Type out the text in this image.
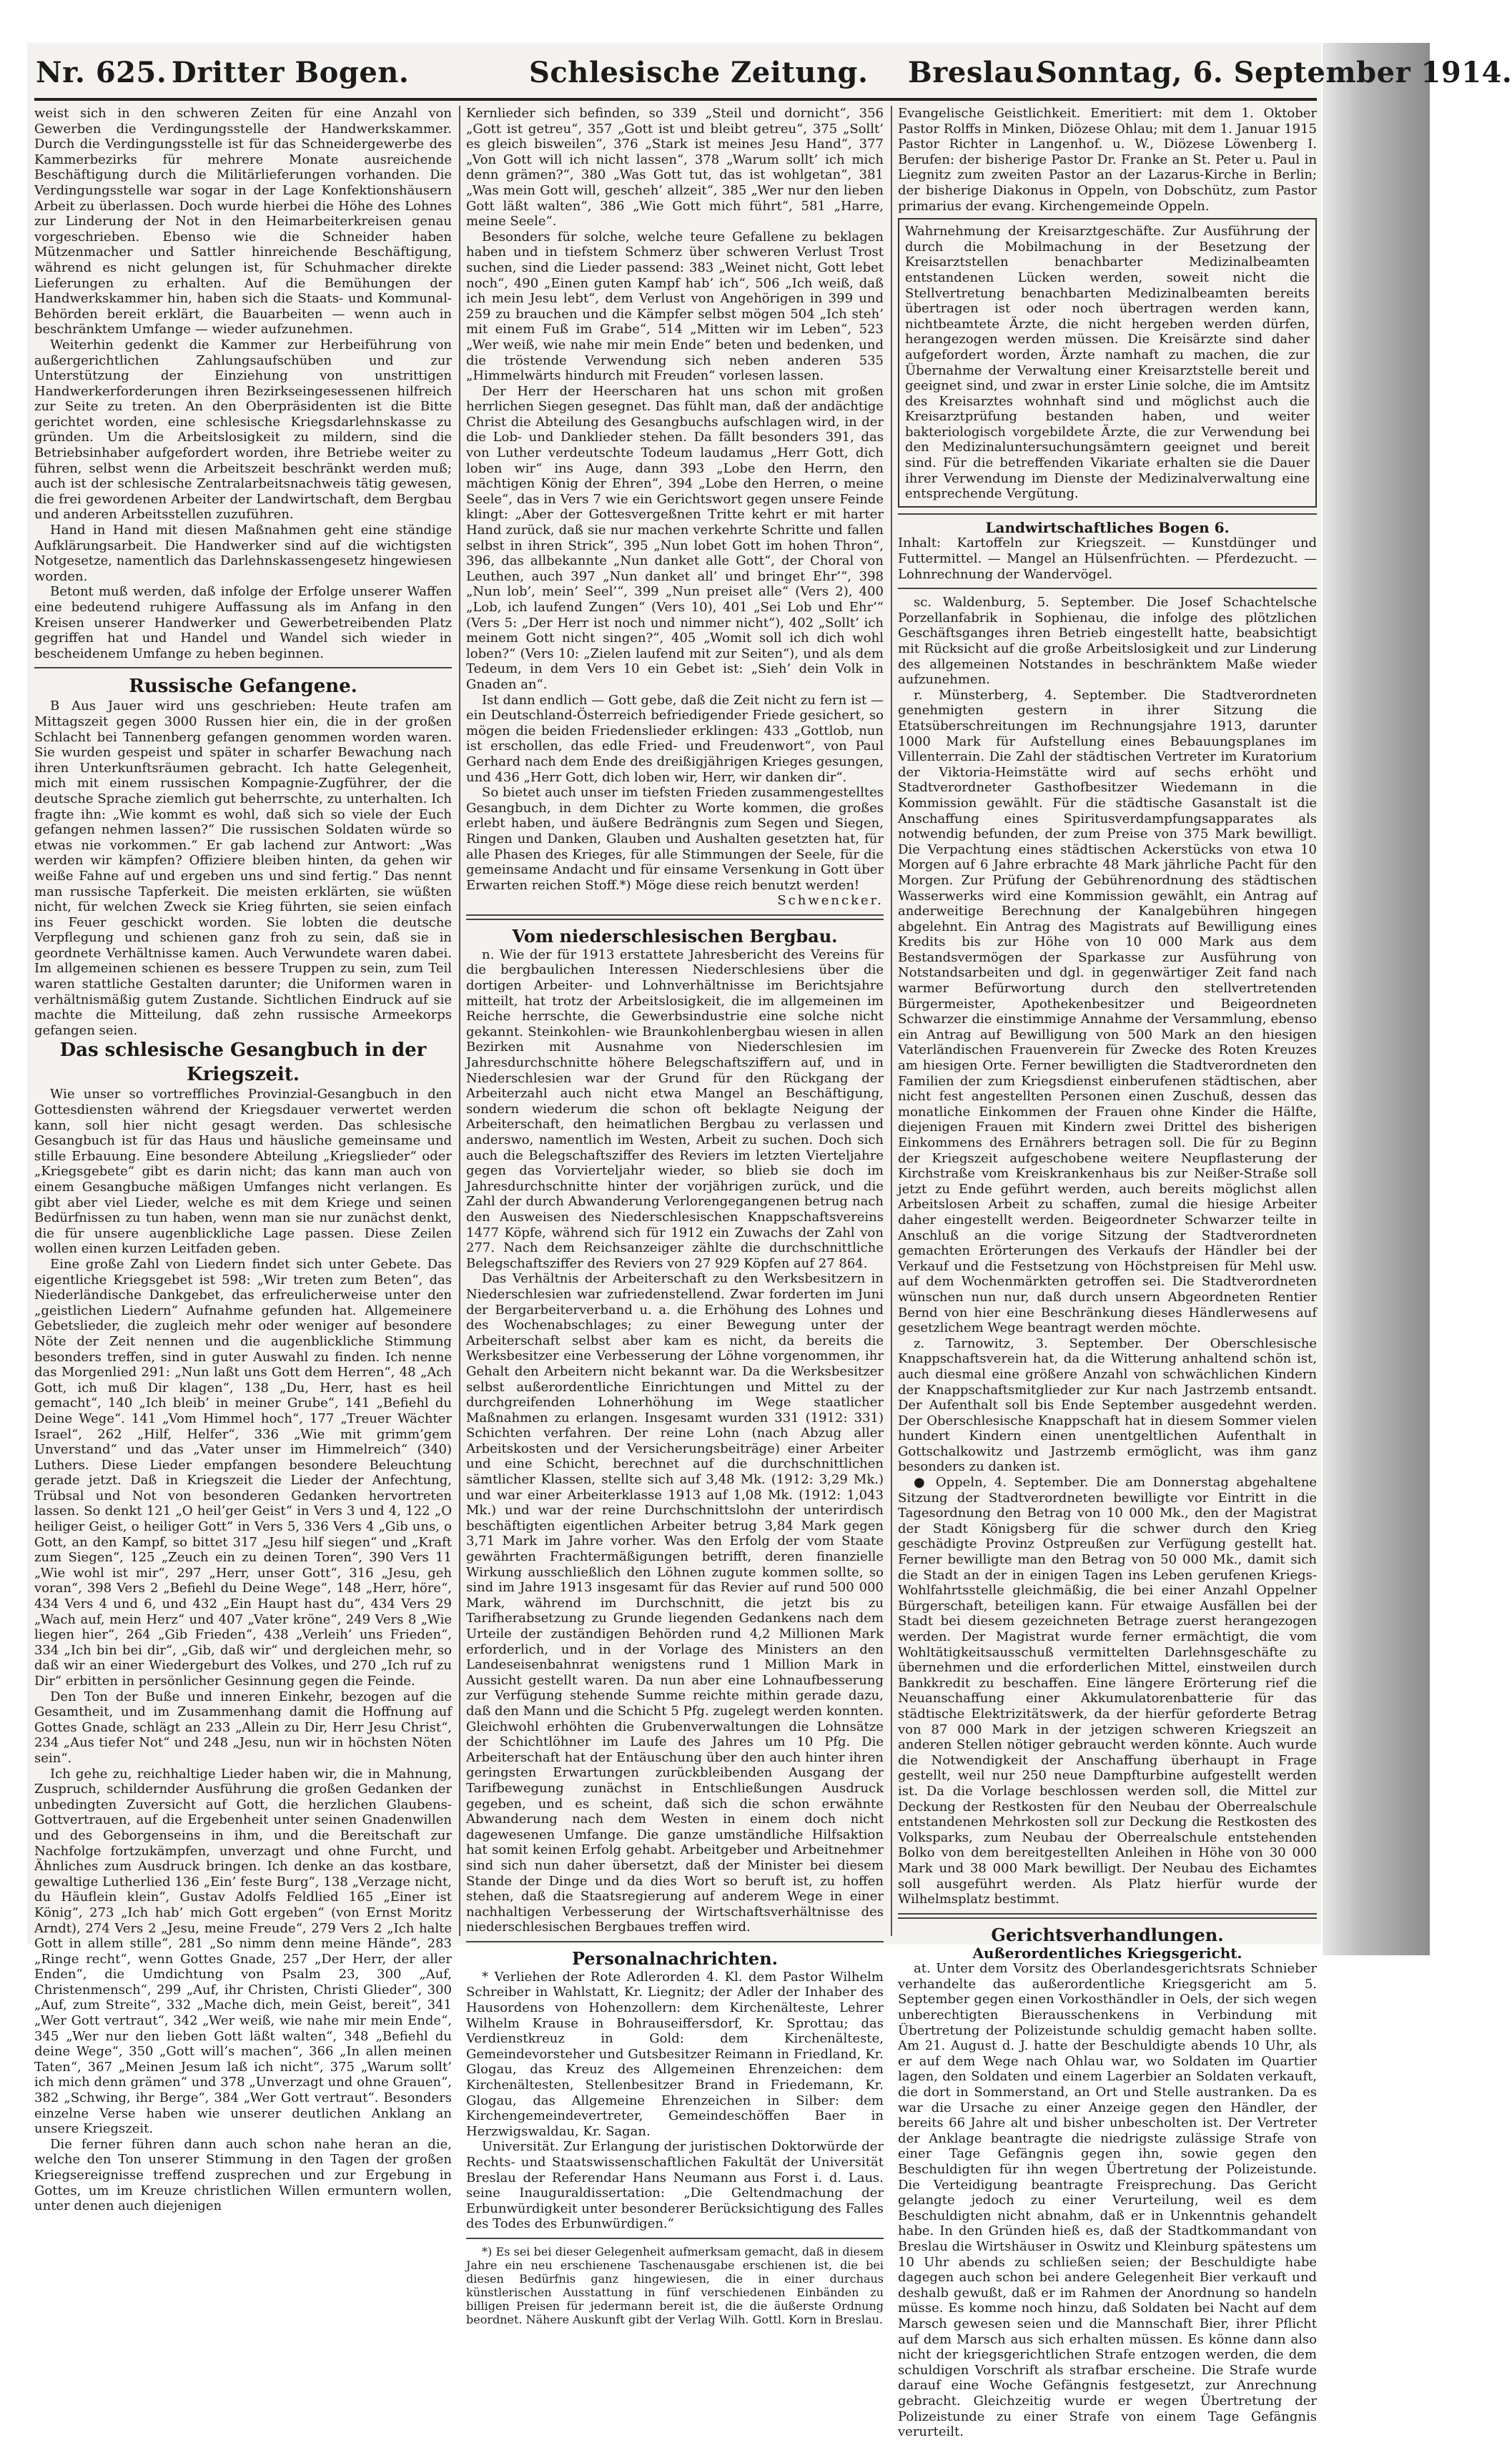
Nr. 625. Dritter Bogen.	Schlesische Zeitung. Breslau.
Sonntag, 6. September 1914.

weist sich in den schweren Zeiten für eine Anzahl von Gewerben die Verdingungsstelle der Handwerkskammer. Durch die Verdingungsstelle ist für das Schneidergewerbe des Kammerbezirks für mehrere Monate ausreichende Beschäftigung durch die Militärlieferungen vorhanden. Die Verdingungsstelle war sogar in der Lage Konfektionshäusern Arbeit zu überlassen. Doch wurde hierbei die Höhe des Lohnes zur Linderung der Not in den Heimarbeiterkreisen genau vorgeschrieben. Ebenso wie die Schneider haben Mützenmacher und Sattler hinreichende Beschäftigung, während es nicht gelungen ist, für Schuhmacher direkte Lieferungen zu erhalten. Auf die Bemühungen der Handwerkskammer hin, haben sich die Staats- und Kommunal-Behörden bereit erklärt, die Bauarbeiten — wenn auch in beschränktem Umfange — wieder aufzunehmen.

Weiterhin gedenkt die Kammer zur Herbeiführung von außergerichtlichen Zahlungsaufschüben und zur Unterstützung der Einziehung von unstrittigen Handwerkerforderungen ihren Bezirkseingesessenen hilfreich zur Seite zu treten. An den Oberpräsidenten ist die Bitte gerichtet worden, eine schlesische Kriegsdarlehnskasse zu gründen. Um die Arbeitslosigkeit zu mildern, sind die Betriebsinhaber aufgefordert worden, ihre Betriebe weiter zu führen, selbst wenn die Arbeitszeit beschränkt werden muß; auch ist der schlesische Zentralarbeitsnachweis tätig gewesen, die frei gewordenen Arbeiter der Landwirtschaft, dem Bergbau und anderen Arbeitsstellen zuzuführen.

Hand in Hand mit diesen Maßnahmen geht eine ständige Aufklärungsarbeit. Die Handwerker sind auf die wichtigsten Notgesetze, namentlich das Darlehnskassengesetz hingewiesen worden.

Betont muß werden, daß infolge der Erfolge unserer Waffen eine bedeutend ruhigere Auffassung als im Anfang in den Kreisen unserer Handwerker und Gewerbetreibenden Platz gegriffen hat und Handel und Wandel sich wieder in bescheidenem Umfange zu heben beginnen.

Russische Gefangene.

B Aus Jauer wird uns geschrieben: Heute trafen am Mittagszeit gegen 3000 Russen hier ein, die in der großen Schlacht bei Tannenberg gefangen genommen worden waren. Sie wurden gespeist und später in scharfer Bewachung nach ihren Unterkunftsräumen gebracht. Ich hatte Gelegenheit, mich mit einem russischen Kompagnie-Zugführer, der die deutsche Sprache ziemlich gut beherrschte, zu unterhalten. Ich fragte ihn: „Wie kommt es wohl, daß sich so viele der Euch gefangen nehmen lassen?“ Die russischen Soldaten würde so etwas nie vorkommen.“ Er gab lachend zur Antwort: „Was werden wir kämpfen? Offiziere bleiben hinten, da gehen wir weiße Fahne auf und ergeben uns und sind fertig.“ Das nennt man russische Tapferkeit. Die meisten erklärten, sie wüßten nicht, für welchen Zweck sie Krieg führten, sie seien einfach ins Feuer geschickt worden. Sie lobten die deutsche Verpflegung und schienen ganz froh zu sein, daß sie in geordnete Verhältnisse kamen. Auch Verwundete waren dabei. Im allgemeinen schienen es bessere Truppen zu sein, zum Teil waren stattliche Gestalten darunter; die Uniformen waren in verhältnismäßig gutem Zustande. Sichtlichen Eindruck auf sie machte die Mitteilung, daß zehn russische Armeekorps gefangen seien.

Das schlesische Gesangbuch in der Kriegszeit.

Wie unser so vortreffliches Provinzial-Gesangbuch in den Gottesdiensten während der Kriegsdauer verwertet werden kann, soll hier nicht gesagt werden. Das schlesische Gesangbuch ist für das Haus und häusliche gemeinsame und stille Erbauung. Eine besondere Abteilung „Kriegslieder“ oder „Kriegsgebete“ gibt es darin nicht; das kann man auch von einem Gesangbuche mäßigen Umfanges nicht verlangen. Es gibt aber viel Lieder, welche es mit dem Kriege und seinen Bedürfnissen zu tun haben, wenn man sie nur zunächst denkt, die für unsere augenblickliche Lage passen. Diese Zeilen wollen einen kurzen Leitfaden geben.

Eine große Zahl von Liedern findet sich unter Gebete. Das eigentliche Kriegsgebet ist 598: „Wir treten zum Beten“, das Niederländische Dankgebet, das erfreulicherweise unter den „geistlichen Liedern“ Aufnahme gefunden hat. Allgemeinere Gebetslieder, die zugleich mehr oder weniger auf besondere Nöte der Zeit nennen und die augenblickliche Stimmung besonders treffen, sind in guter Auswahl zu finden. Ich nenne das Morgenlied 291: „Nun laßt uns Gott dem Herren“, 48 „Ach Gott, ich muß Dir klagen“, 138 „Du, Herr, hast es heil gemacht“, 140 „Ich bleib’ in meiner Grube“, 141 „Befiehl du Deine Wege“. 141 „Vom Himmel hoch“, 177 „Treuer Wächter Israel“, 262 „Hilf, Helfer“, 336 „Wie mit grimm’gem Unverstand“ und das „Vater unser im Himmelreich“ (340) Luthers. Diese Lieder empfangen besondere Beleuchtung gerade jetzt. Daß in Kriegszeit die Lieder der Anfechtung, Trübsal und Not von besonderen Gedanken hervortreten lassen. So denkt 121 „O heil’ger Geist“ in Vers 3 und 4, 122 „O heiliger Geist, o heiliger Gott“ in Vers 5, 336 Vers 4 „Gib uns, o Gott, an den Kampf, so bittet 317 „Jesu hilf siegen“ und „Kraft zum Siegen“, 125 „Zeuch ein zu deinen Toren“, 390 Vers 11 „Wie wohl ist mir“, 297 „Herr, unser Gott“, 316 „Jesu, geh voran“, 398 Vers 2 „Befiehl du Deine Wege“, 148 „Herr, höre“, 434 Vers 4 und 6, und 432 „Ein Haupt hast du“, 434 Vers 29 „Wach auf, mein Herz“ und 407 „Vater kröne“, 249 Vers 8 „Wie liegen hier“, 264 „Gib Frieden“, 438 „Verleih’ uns Frieden“, 334 „Ich bin bei dir“, „Gib, daß wir“ und dergleichen mehr, so daß wir an einer Wiedergeburt des Volkes, und 270 „Ich ruf zu Dir“ erbitten in persönlicher Gesinnung gegen die Feinde.

Den Ton der Buße und inneren Einkehr, bezogen auf die Gesamtheit, und im Zusammenhang damit die Hoffnung auf Gottes Gnade, schlägt an 233 „Allein zu Dir, Herr Jesu Christ“, 234 „Aus tiefer Not“ und 248 „Jesu, nun wir in höchsten Nöten sein“.

Ich gehe zu, reichhaltige Lieder haben wir, die in Mahnung, Zuspruch, schildernder Ausführung die großen Gedanken der unbedingten Zuversicht auf Gott, die herzlichen Glaubens-Gottvertrauen, auf die Ergebenheit unter seinen Gnadenwillen und des Geborgenseins in ihm, und die Bereitschaft zur Nachfolge fortzukämpfen, unverzagt und ohne Furcht, und Ähnliches zum Ausdruck bringen. Ich denke an das kostbare, gewaltige Lutherlied 136 „Ein’ feste Burg“, 138 „Verzage nicht, du Häuflein klein“, Gustav Adolfs Feldlied 165 „Einer ist König“, 273 „Ich hab’ mich Gott ergeben“ (von Ernst Moritz Arndt), 274 Vers 2 „Jesu, meine Freude“, 279 Vers 2 „Ich halte Gott in allem stille“, 281 „So nimm denn meine Hände“, 283 „Ringe recht“, wenn Gottes Gnade, 257 „Der Herr, der aller Enden“, die Umdichtung von Psalm 23, 300 „Auf, Christenmensch“, 299 „Auf, ihr Christen, Christi Glieder“, 300 „Auf, zum Streite“, 332 „Mache dich, mein Geist, bereit“, 341 „Wer Gott vertraut“, 342 „Wer weiß, wie nahe mir mein Ende“, 345 „Wer nur den lieben Gott läßt walten“, 348 „Befiehl du deine Wege“, 350 „Gott will’s machen“, 366 „In allen meinen Taten“, 367 „Meinen Jesum laß ich nicht“, 375 „Warum sollt’ ich mich denn grämen“ und 378 „Unverzagt und ohne Grauen“, 382 „Schwing, ihr Berge“, 384 „Wer Gott vertraut“. Besonders einzelne Verse haben wie unserer deutlichen Anklang an unsere Kriegszeit.

Die ferner führen dann auch schon nahe heran an die, welche den Ton unserer Stimmung in den Tagen der großen Kriegsereignisse treffend zusprechen und zur Ergebung in Gottes, um im Kreuze christlichen Willen ermuntern wollen, unter denen auch diejenigen

Kernlieder sich befinden, so 339 „Steil und dornicht“, 356 „Gott ist getreu“, 357 „Gott ist und bleibt getreu“, 375 „Sollt’ es gleich bisweilen“, 376 „Stark ist meines Jesu Hand“, 377 „Von Gott will ich nicht lassen“, 378 „Warum sollt’ ich mich denn grämen?“, 380 „Was Gott tut, das ist wohlgetan“, 381 „Was mein Gott will, gescheh’ allzeit“, 385 „Wer nur den lieben Gott läßt walten“, 386 „Wie Gott mich führt“, 581 „Harre, meine Seele“.

Besonders für solche, welche teure Gefallene zu beklagen haben und in tiefstem Schmerz über schweren Verlust Trost suchen, sind die Lieder passend: 383 „Weinet nicht, Gott lebet noch“, 490 „Einen guten Kampf hab’ ich“, 506 „Ich weiß, daß ich mein Jesu lebt“, dem Verlust von Angehörigen in 399 und 259 zu brauchen und die Kämpfer selbst mögen 504 „Ich steh’ mit einem Fuß im Grabe“, 514 „Mitten wir im Leben“, 523 „Wer weiß, wie nahe mir mein Ende“ beten und bedenken, und die tröstende Verwendung sich neben anderen 535 „Himmelwärts hindurch mit Freuden“ vorlesen lassen.

Der Herr der Heerscharen hat uns schon mit großen herrlichen Siegen gesegnet. Das fühlt man, daß der andächtige Christ die Abteilung des Gesangbuchs aufschlagen wird, in der die Lob- und Danklieder stehen. Da fällt besonders 391, das von Luther verdeutschte Todeum laudamus „Herr Gott, dich loben wir“ ins Auge, dann 393 „Lobe den Herrn, den mächtigen König der Ehren“, 394 „Lobe den Herren, o meine Seele“, das in Vers 7 wie ein Gerichtswort gegen unsere Feinde klingt: „Aber der Gottesvergeßnen Tritte kehrt er mit harter Hand zurück, daß sie nur machen verkehrte Schritte und fallen selbst in ihren Strick“, 395 „Nun lobet Gott im hohen Thron“, 396, das allbekannte „Nun danket alle Gott“, der Choral von Leuthen, auch 397 „Nun danket all’ und bringet Ehr’“, 398 „Nun lob’, mein’ Seel’“, 399 „Nun preiset alle“ (Vers 2), 400 „Lob, ich laufend Zungen“ (Vers 10), 401 „Sei Lob und Ehr’“ (Vers 5: „Der Herr ist noch und nimmer nicht“), 402 „Sollt’ ich meinem Gott nicht singen?“, 405 „Womit soll ich dich wohl loben?“ (Vers 10: „Zielen laufend mit zur Seiten“), und als dem Tedeum, in dem Vers 10 ein Gebet ist: „Sieh’ dein Volk in Gnaden an“.

Ist dann endlich — Gott gebe, daß die Zeit nicht zu fern ist — ein Deutschland-Österreich befriedigender Friede gesichert, so mögen die beiden Friedenslieder erklingen: 433 „Gottlob, nun ist erschollen, das edle Fried- und Freudenwort“, von Paul Gerhard nach dem Ende des dreißigjährigen Krieges gesungen, und 436 „Herr Gott, dich loben wir, Herr, wir danken dir“.

So bietet auch unser im tiefsten Frieden zusammengestelltes Gesangbuch, in dem Dichter zu Worte kommen, die großes erlebt haben, und äußere Bedrängnis zum Segen und Siegen, Ringen und Danken, Glauben und Aushalten gesetzten hat, für alle Phasen des Krieges, für alle Stimmungen der Seele, für die gemeinsame Andacht und für einsame Versenkung in Gott über Erwarten reichen Stoff.*) Möge diese reich benutzt werden!

Schwencker.

Vom niederschlesischen Bergbau.

n. Wie der für 1913 erstattete Jahresbericht des Vereins für die bergbaulichen Interessen Niederschlesiens über die dortigen Arbeiter- und Lohnverhältnisse im Berichtsjahre mitteilt, hat trotz der Arbeitslosigkeit, die im allgemeinen im Reiche herrschte, die Gewerbsindustrie eine solche nicht gekannt. Steinkohlen- wie Braunkohlenbergbau wiesen in allen Bezirken mit Ausnahme von Niederschlesien im Jahresdurchschnitte höhere Belegschaftsziffern auf, und in Niederschlesien war der Grund für den Rückgang der Arbeiterzahl auch nicht etwa Mangel an Beschäftigung, sondern wiederum die schon oft beklagte Neigung der Arbeiterschaft, den heimatlichen Bergbau zu verlassen und anderswo, namentlich im Westen, Arbeit zu suchen. Doch sich auch die Belegschaftsziffer des Reviers im letzten Vierteljahre gegen das Vorvierteljahr wieder, so blieb sie doch im Jahresdurchschnitte hinter der vorjährigen zurück, und die Zahl der durch Abwanderung Verlorengegangenen betrug nach den Ausweisen des Niederschlesischen Knappschaftsvereins 1477 Köpfe, während sich für 1912 ein Zuwachs der Zahl von 277. Nach dem Reichsanzeiger zählte die durchschnittliche Belegschaftsziffer des Reviers von 27 929 Köpfen auf 27 864.

Das Verhältnis der Arbeiterschaft zu den Werksbesitzern in Niederschlesien war zufriedenstellend. Zwar forderten im Juni der Bergarbeiterverband u. a. die Erhöhung des Lohnes und des Wochenabschlages; zu einer Bewegung unter der Arbeiterschaft selbst aber kam es nicht, da bereits die Werksbesitzer eine Verbesserung der Löhne vorgenommen, ihr Gehalt den Arbeitern nicht bekannt war. Da die Werksbesitzer selbst außerordentliche Einrichtungen und Mittel zu der durchgreifenden Lohnerhöhung im Wege staatlicher Maßnahmen zu erlangen. Insgesamt wurden 331 (1912: 331) Schichten verfahren. Der reine Lohn (nach Abzug aller Arbeitskosten und der Versicherungsbeiträge) einer Arbeiter und eine Schicht, berechnet auf die durchschnittlichen sämtlicher Klassen, stellte sich auf 3,48 Mk. (1912: 3,29 Mk.) und war einer Arbeiterklasse 1913 auf 1,08 Mk. (1912: 1,043 Mk.) und war der reine Durchschnittslohn der unterirdisch beschäftigten eigentlichen Arbeiter betrug 3,84 Mark gegen 3,71 Mark im Jahre vorher. Was den Erfolg der vom Staate gewährten Frachtermäßigungen betrifft, deren finanzielle Wirkung ausschließlich den Löhnen zugute kommen sollte, so sind im Jahre 1913 insgesamt für das Revier auf rund 500 000 Mark, während im Durchschnitt, die jetzt bis zu Tarifherabsetzung zu Grunde liegenden Gedankens nach dem Urteile der zuständigen Behörden rund 4,2 Millionen Mark erforderlich, und in der Vorlage des Ministers an den Landeseisenbahnrat wenigstens rund 1 Million Mark in Aussicht gestellt waren. Da nun aber eine Lohnaufbesserung zur Verfügung stehende Summe reichte mithin gerade dazu, daß den Mann und die Schicht 5 Pfg. zugelegt werden konnten. Gleichwohl erhöhten die Grubenverwaltungen die Lohnsätze der Schichtlöhner im Laufe des Jahres um 10 Pfg. Die Arbeiterschaft hat der Entäuschung über den auch hinter ihren geringsten Erwartungen zurückbleibenden Ausgang der Tarifbewegung zunächst in Entschließungen Ausdruck gegeben, und es scheint, daß sich die schon erwähnte Abwanderung nach dem Westen in einem doch nicht dagewesenen Umfange. Die ganze umständliche Hilfsaktion hat somit keinen Erfolg gehabt. Arbeitgeber und Arbeitnehmer sind sich nun daher übersetzt, daß der Minister bei diesem Stande der Dinge und da dies Wort so beruft ist, zu hoffen stehen, daß die Staatsregierung auf anderem Wege in einer nachhaltigen Verbesserung der Wirtschaftsverhältnisse des niederschlesischen Bergbaues treffen wird.

Personalnachrichten.

* Verliehen der Rote Adlerorden 4. Kl. dem Pastor Wilhelm Schreiber in Wahlstatt, Kr. Liegnitz; der Adler der Inhaber des Hausordens von Hohenzollern: dem Kirchenälteste, Lehrer Wilhelm Krause in Bohrauseiffersdorf, Kr. Sprottau; das Verdienstkreuz in Gold: dem Kirchenälteste, Gemeindevorsteher und Gutsbesitzer Reimann in Friedland, Kr. Glogau, das Kreuz des Allgemeinen Ehrenzeichen: dem Kirchenältesten, Stellenbesitzer Brand in Friedemann, Kr. Glogau, das Allgemeine Ehrenzeichen in Silber: dem Kirchengemeindevertreter, Gemeindeschöffen Baer in Herzwigswaldau, Kr. Sagan.

Universität. Zur Erlangung der juristischen Doktorwürde der Rechts- und Staatswissenschaftlichen Fakultät der Universität Breslau der Referendar Hans Neumann aus Forst i. d. Laus. seine Inauguraldissertation: „Die Geltendmachung der Erbunwürdigkeit unter besonderer Berücksichtigung des Falles des Todes des Erbunwürdigen.“

*) Es sei bei dieser Gelegenheit aufmerksam gemacht, daß in diesem Jahre ein neu erschienene Taschenausgabe erschienen ist, die bei diesen Bedürfnis ganz hingewiesen, die in einer durchaus künstlerischen Ausstattung in fünf verschiedenen Einbänden zu billigen Preisen für jedermann bereit ist, die die äußerste Ordnung beordnet. Nähere Auskunft gibt der Verlag Wilh. Gottl. Korn in Breslau.

Evangelische Geistlichkeit. Emeritiert: mit dem 1. Oktober Pastor Rolffs in Minken, Diözese Ohlau; mit dem 1. Januar 1915 Pastor Richter in Langenhof. u. W., Diözese Löwenberg I. Berufen: der bisherige Pastor Dr. Franke an St. Peter u. Paul in Liegnitz zum zweiten Pastor an der Lazarus-Kirche in Berlin; der bisherige Diakonus in Oppeln, von Dobschütz, zum Pastor primarius der evang. Kirchengemeinde Oppeln.

Wahrnehmung der Kreisarztgeschäfte. Zur Ausführung der durch die Mobilmachung in der Besetzung der Kreisarztstellen benachbarter Medizinalbeamten entstandenen Lücken werden, soweit nicht die Stellvertretung benachbarten Medizinalbeamten bereits übertragen ist oder noch übertragen werden kann, nichtbeamtete Ärzte, die nicht hergeben werden dürfen, herangezogen werden müssen. Die Kreisärzte sind daher aufgefordert worden, Ärzte namhaft zu machen, die zur Übernahme der Verwaltung einer Kreisarztstelle bereit und geeignet sind, und zwar in erster Linie solche, die im Amtsitz des Kreisarztes wohnhaft sind und möglichst auch die Kreisarztprüfung bestanden haben, und weiter bakteriologisch vorgebildete Ärzte, die zur Verwendung bei den Medizinaluntersuchungsämtern geeignet und bereit sind. Für die betreffenden Vikariate erhalten sie die Dauer ihrer Verwendung im Dienste der Medizinalverwaltung eine entsprechende Vergütung.

Landwirtschaftliches Bogen 6.

Inhalt: Kartoffeln zur Kriegszeit. — Kunstdünger und Futtermittel. — Mangel an Hülsenfrüchten. — Pferdezucht. — Lohnrechnung der Wandervögel.

sc. Waldenburg, 5. September. Die Josef Schachtelsche Porzellanfabrik in Sophienau, die infolge des plötzlichen Geschäftsganges ihren Betrieb eingestellt hatte, beabsichtigt mit Rücksicht auf die große Arbeitslosigkeit und zur Linderung des allgemeinen Notstandes in beschränktem Maße wieder aufzunehmen.

r. Münsterberg, 4. September. Die Stadtverordneten genehmigten gestern in ihrer Sitzung die Etatsüberschreitungen im Rechnungsjahre 1913, darunter 1000 Mark für Aufstellung eines Bebauungsplanes im Villenterrain. Die Zahl der städtischen Vertreter im Kuratorium der Viktoria-Heimstätte wird auf sechs erhöht und Stadtverordneter Gasthofbesitzer Wiedemann in die Kommission gewählt. Für die städtische Gasanstalt ist die Anschaffung eines Spiritusverdampfungsapparates als notwendig befunden, der zum Preise von 375 Mark bewilligt. Die Verpachtung eines städtischen Ackerstücks von etwa 10 Morgen auf 6 Jahre erbrachte 48 Mark jährliche Pacht für den Morgen. Zur Prüfung der Gebührenordnung des städtischen Wasserwerks wird eine Kommission gewählt, ein Antrag auf anderweitige Berechnung der Kanalgebühren hingegen abgelehnt. Ein Antrag des Magistrats auf Bewilligung eines Kredits bis zur Höhe von 10 000 Mark aus dem Bestandsvermögen der Sparkasse zur Ausführung von Notstandsarbeiten und dgl. in gegenwärtiger Zeit fand nach warmer Befürwortung durch den stellvertretenden Bürgermeister, Apothekenbesitzer und Beigeordneten Schwarzer die einstimmige Annahme der Versammlung, ebenso ein Antrag auf Bewilligung von 500 Mark an den hiesigen Vaterländischen Frauenverein für Zwecke des Roten Kreuzes am hiesigen Orte. Ferner bewilligten die Stadtverordneten den Familien der zum Kriegsdienst einberufenen städtischen, aber nicht fest angestellten Personen einen Zuschuß, dessen das monatliche Einkommen der Frauen ohne Kinder die Hälfte, diejenigen Frauen mit Kindern zwei Drittel des bisherigen Einkommens des Ernährers betragen soll. Die für zu Beginn der Kriegszeit aufgeschobene weitere Neupflasterung der Kirchstraße vom Kreiskrankenhaus bis zur Neißer-Straße soll jetzt zu Ende geführt werden, auch bereits möglichst allen Arbeitslosen Arbeit zu schaffen, zumal die hiesige Arbeiter daher eingestellt werden. Beigeordneter Schwarzer teilte in Anschluß an die vorige Sitzung der Stadtverordneten gemachten Erörterungen des Verkaufs der Händler bei der Verkauf und die Festsetzung von Höchstpreisen für Mehl usw. auf dem Wochenmärkten getroffen sei. Die Stadtverordneten wünschen nun nur, daß durch unsern Abgeordneten Rentier Bernd von hier eine Beschränkung dieses Händlerwesens auf gesetzlichem Wege beantragt werden möchte.

z. Tarnowitz, 3. September. Der Oberschlesische Knappschaftsverein hat, da die Witterung anhaltend schön ist, auch diesmal eine größere Anzahl von schwächlichen Kindern der Knappschaftsmitglieder zur Kur nach Jastrzemb entsandt. Der Aufenthalt soll bis Ende September ausgedehnt werden. Der Oberschlesische Knappschaft hat in diesem Sommer vielen hundert Kindern einen unentgeltlichen Aufenthalt in Gottschalkowitz und Jastrzemb ermöglicht, was ihm ganz besonders zu danken ist.

● Oppeln, 4. September. Die am Donnerstag abgehaltene Sitzung der Stadtverordneten bewilligte vor Eintritt in die Tagesordnung den Betrag von 10 000 Mk., den der Magistrat der Stadt Königsberg für die schwer durch den Krieg geschädigte Provinz Ostpreußen zur Verfügung gestellt hat. Ferner bewilligte man den Betrag von 50 000 Mk., damit sich die Stadt an der in einigen Tagen ins Leben gerufenen Kriegs-Wohlfahrtsstelle gleichmäßig, die bei einer Anzahl Oppelner Bürgerschaft, beteiligen kann. Für etwaige Ausfällen bei der Stadt bei diesem gezeichneten Betrage zuerst herangezogen werden. Der Magistrat wurde ferner ermächtigt, die vom Wohltätigkeitsausschuß vermittelten Darlehnsgeschäfte zu übernehmen und die erforderlichen Mittel, einstweilen durch Bankkredit zu beschaffen. Eine längere Erörterung rief die Neuanschaffung einer Akkumulatorenbatterie für das städtische Elektrizitätswerk, da der hierfür geforderte Betrag von 87 000 Mark in der jetzigen schweren Kriegszeit an anderen Stellen nötiger gebraucht werden könnte. Auch wurde die Notwendigkeit der Anschaffung überhaupt in Frage gestellt, weil nur 250 neue Dampfturbine aufgestellt werden ist. Da die Vorlage beschlossen werden soll, die Mittel zur Deckung der Restkosten für den Neubau der Oberrealschule entstandenen Mehrkosten soll zur Deckung die Restkosten des Volksparks, zum Neubau der Oberrealschule entstehenden Bolko von dem bereitgestellten Anleihen in Höhe von 30 000 Mark und 38 000 Mark bewilligt. Der Neubau des Eichamtes soll ausgeführt werden. Als Platz hierfür wurde der Wilhelmsplatz bestimmt.

Gerichtsverhandlungen.

Außerordentliches Kriegsgericht.

at. Unter dem Vorsitz des Oberlandesgerichtsrats Schnieber verhandelte das außerordentliche Kriegsgericht am 5. September gegen einen Vorkosthändler in Oels, der sich wegen unberechtigten Bierausschenkens in Verbindung mit Übertretung der Polizeistunde schuldig gemacht haben sollte. Am 21. August d. J. hatte der Beschuldigte abends 10 Uhr, als er auf dem Wege nach Ohlau war, wo Soldaten im Quartier lagen, den Soldaten und einem Lagerbier an Soldaten verkauft, die dort in Sommerstand, an Ort und Stelle austranken. Da es war die Ursache zu einer Anzeige gegen den Händler, der bereits 66 Jahre alt und bisher unbescholten ist. Der Vertreter der Anklage beantragte die niedrigste zulässige Strafe von einer Tage Gefängnis gegen ihn, sowie gegen den Beschuldigten für ihn wegen Übertretung der Polizeistunde. Die Verteidigung beantragte Freisprechung. Das Gericht gelangte jedoch zu einer Verurteilung, weil es dem Beschuldigten nicht abnahm, daß er in Unkenntnis gehandelt habe. In den Gründen hieß es, daß der Stadtkommandant von Breslau die Wirtshäuser in Oswitz und Kleinburg spätestens um 10 Uhr abends zu schließen seien; der Beschuldigte habe dagegen auch schon bei andere Gelegenheit Bier verkauft und deshalb gewußt, daß er im Rahmen der Anordnung so handeln müsse. Es komme noch hinzu, daß Soldaten bei Nacht auf dem Marsch gewesen seien und die Mannschaft Bier, ihrer Pflicht auf dem Marsch aus sich erhalten müssen. Es könne dann also nicht der kriegsgerichtlichen Strafe entzogen werden, die dem schuldigen Vorschrift als strafbar erscheine. Die Strafe wurde darauf eine Woche Gefängnis festgesetzt, zur Anrechnung gebracht. Gleichzeitig wurde er wegen Übertretung der Polizeistunde zu einer Strafe von einem Tage Gefängnis verurteilt.
